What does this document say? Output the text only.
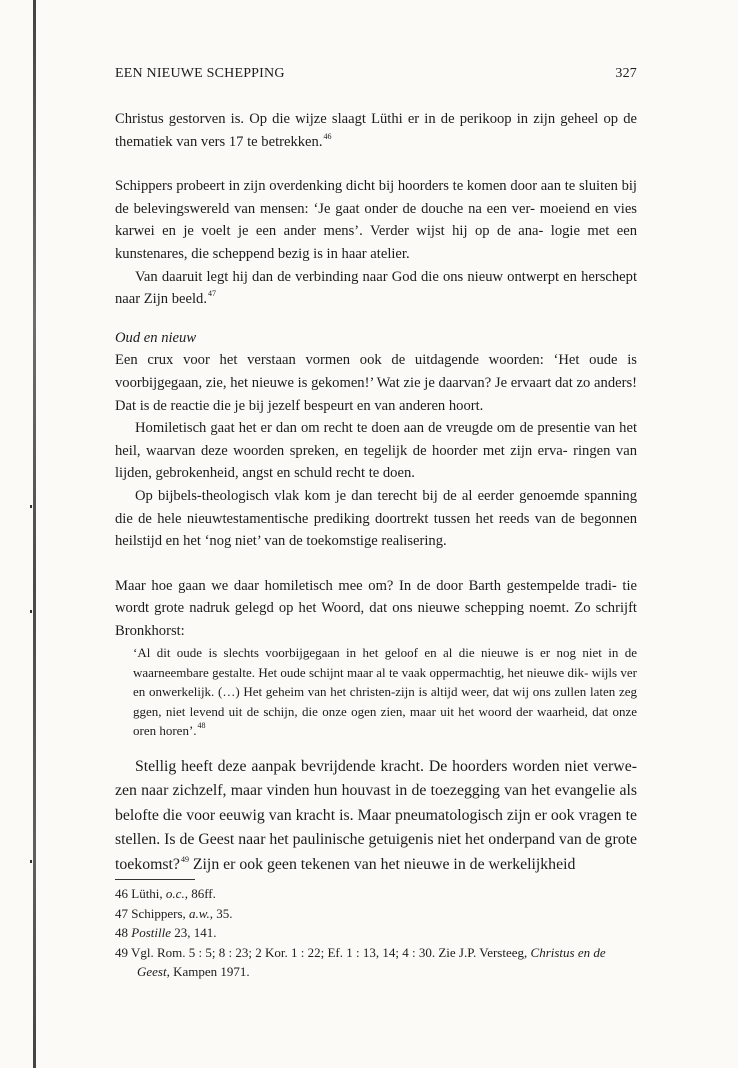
EEN NIEUWE SCHEPPING	327

Christus gestorven is. Op die wijze slaagt Lüthi er in de perikoop in zijn geheel op de thematiek van vers 17 te betrekken.$^{46}$

Schippers probeert in zijn overdenking dicht bij hoorders te komen door aan te sluiten bij de belevingswereld van mensen: ‘Je gaat onder de douche na een ver- moeiend en vies karwei en je voelt je een ander mens’. Verder wijst hij op de ana- logie met een kunstenares, die scheppend bezig is in haar atelier.

Van daaruit legt hij dan de verbinding naar God die ons nieuw ontwerpt en herschept naar Zijn beeld.$^{47}$

Oud en nieuw

Een crux voor het verstaan vormen ook de uitdagende woorden: ‘Het oude is voorbijgegaan, zie, het nieuwe is gekomen!’ Wat zie je daarvan? Je ervaart dat zo anders! Dat is de reactie die je bij jezelf bespeurt en van anderen hoort.

Homiletisch gaat het er dan om recht te doen aan de vreugde om de presentie van het heil, waarvan deze woorden spreken, en tegelijk de hoorder met zijn erva- ringen van lijden, gebrokenheid, angst en schuld recht te doen.

Op bijbels-theologisch vlak kom je dan terecht bij de al eerder genoemde spanning die de hele nieuwtestamentische prediking doortrekt tussen het reeds van de begonnen heilstijd en het ‘nog niet’ van de toekomstige realisering.

Maar hoe gaan we daar homiletisch mee om? In de door Barth gestempelde tradi- tie wordt grote nadruk gelegd op het Woord, dat ons nieuwe schepping noemt. Zo schrijft Bronkhorst:

‘Al dit oude is slechts voorbijgegaan in het geloof en al die nieuwe is er nog niet in de waarneembare gestalte. Het oude schijnt maar al te vaak oppermachtig, het nieuwe dik- wijls ver en onwerkelijk. (…) Het geheim van het christen-zijn is altijd weer, dat wij ons zullen laten zeg ggen, niet levend uit de schijn, die onze ogen zien, maar uit het woord der waarheid, dat onze oren horen’.$^{48}$

Stellig heeft deze aanpak bevrijdende kracht. De hoorders worden niet verwe- zen naar zichzelf, maar vinden hun houvast in de toezegging van het evangelie als belofte die voor eeuwig van kracht is. Maar pneumatologisch zijn er ook vragen te stellen. Is de Geest naar het paulinische getuigenis niet het onderpand van de grote toekomst?$^{49}$ Zijn er ook geen tekenen van het nieuwe in de werkelijkheid

46 Lüthi, o.c., 86ff.
47 Schippers, a.w., 35.
48 Postille 23, 141.
49 Vgl. Rom. 5 : 5; 8 : 23; 2 Kor. 1 : 22; Ef. 1 : 13, 14; 4 : 30. Zie J.P. Versteeg, Christus en de Geest, Kampen 1971.
